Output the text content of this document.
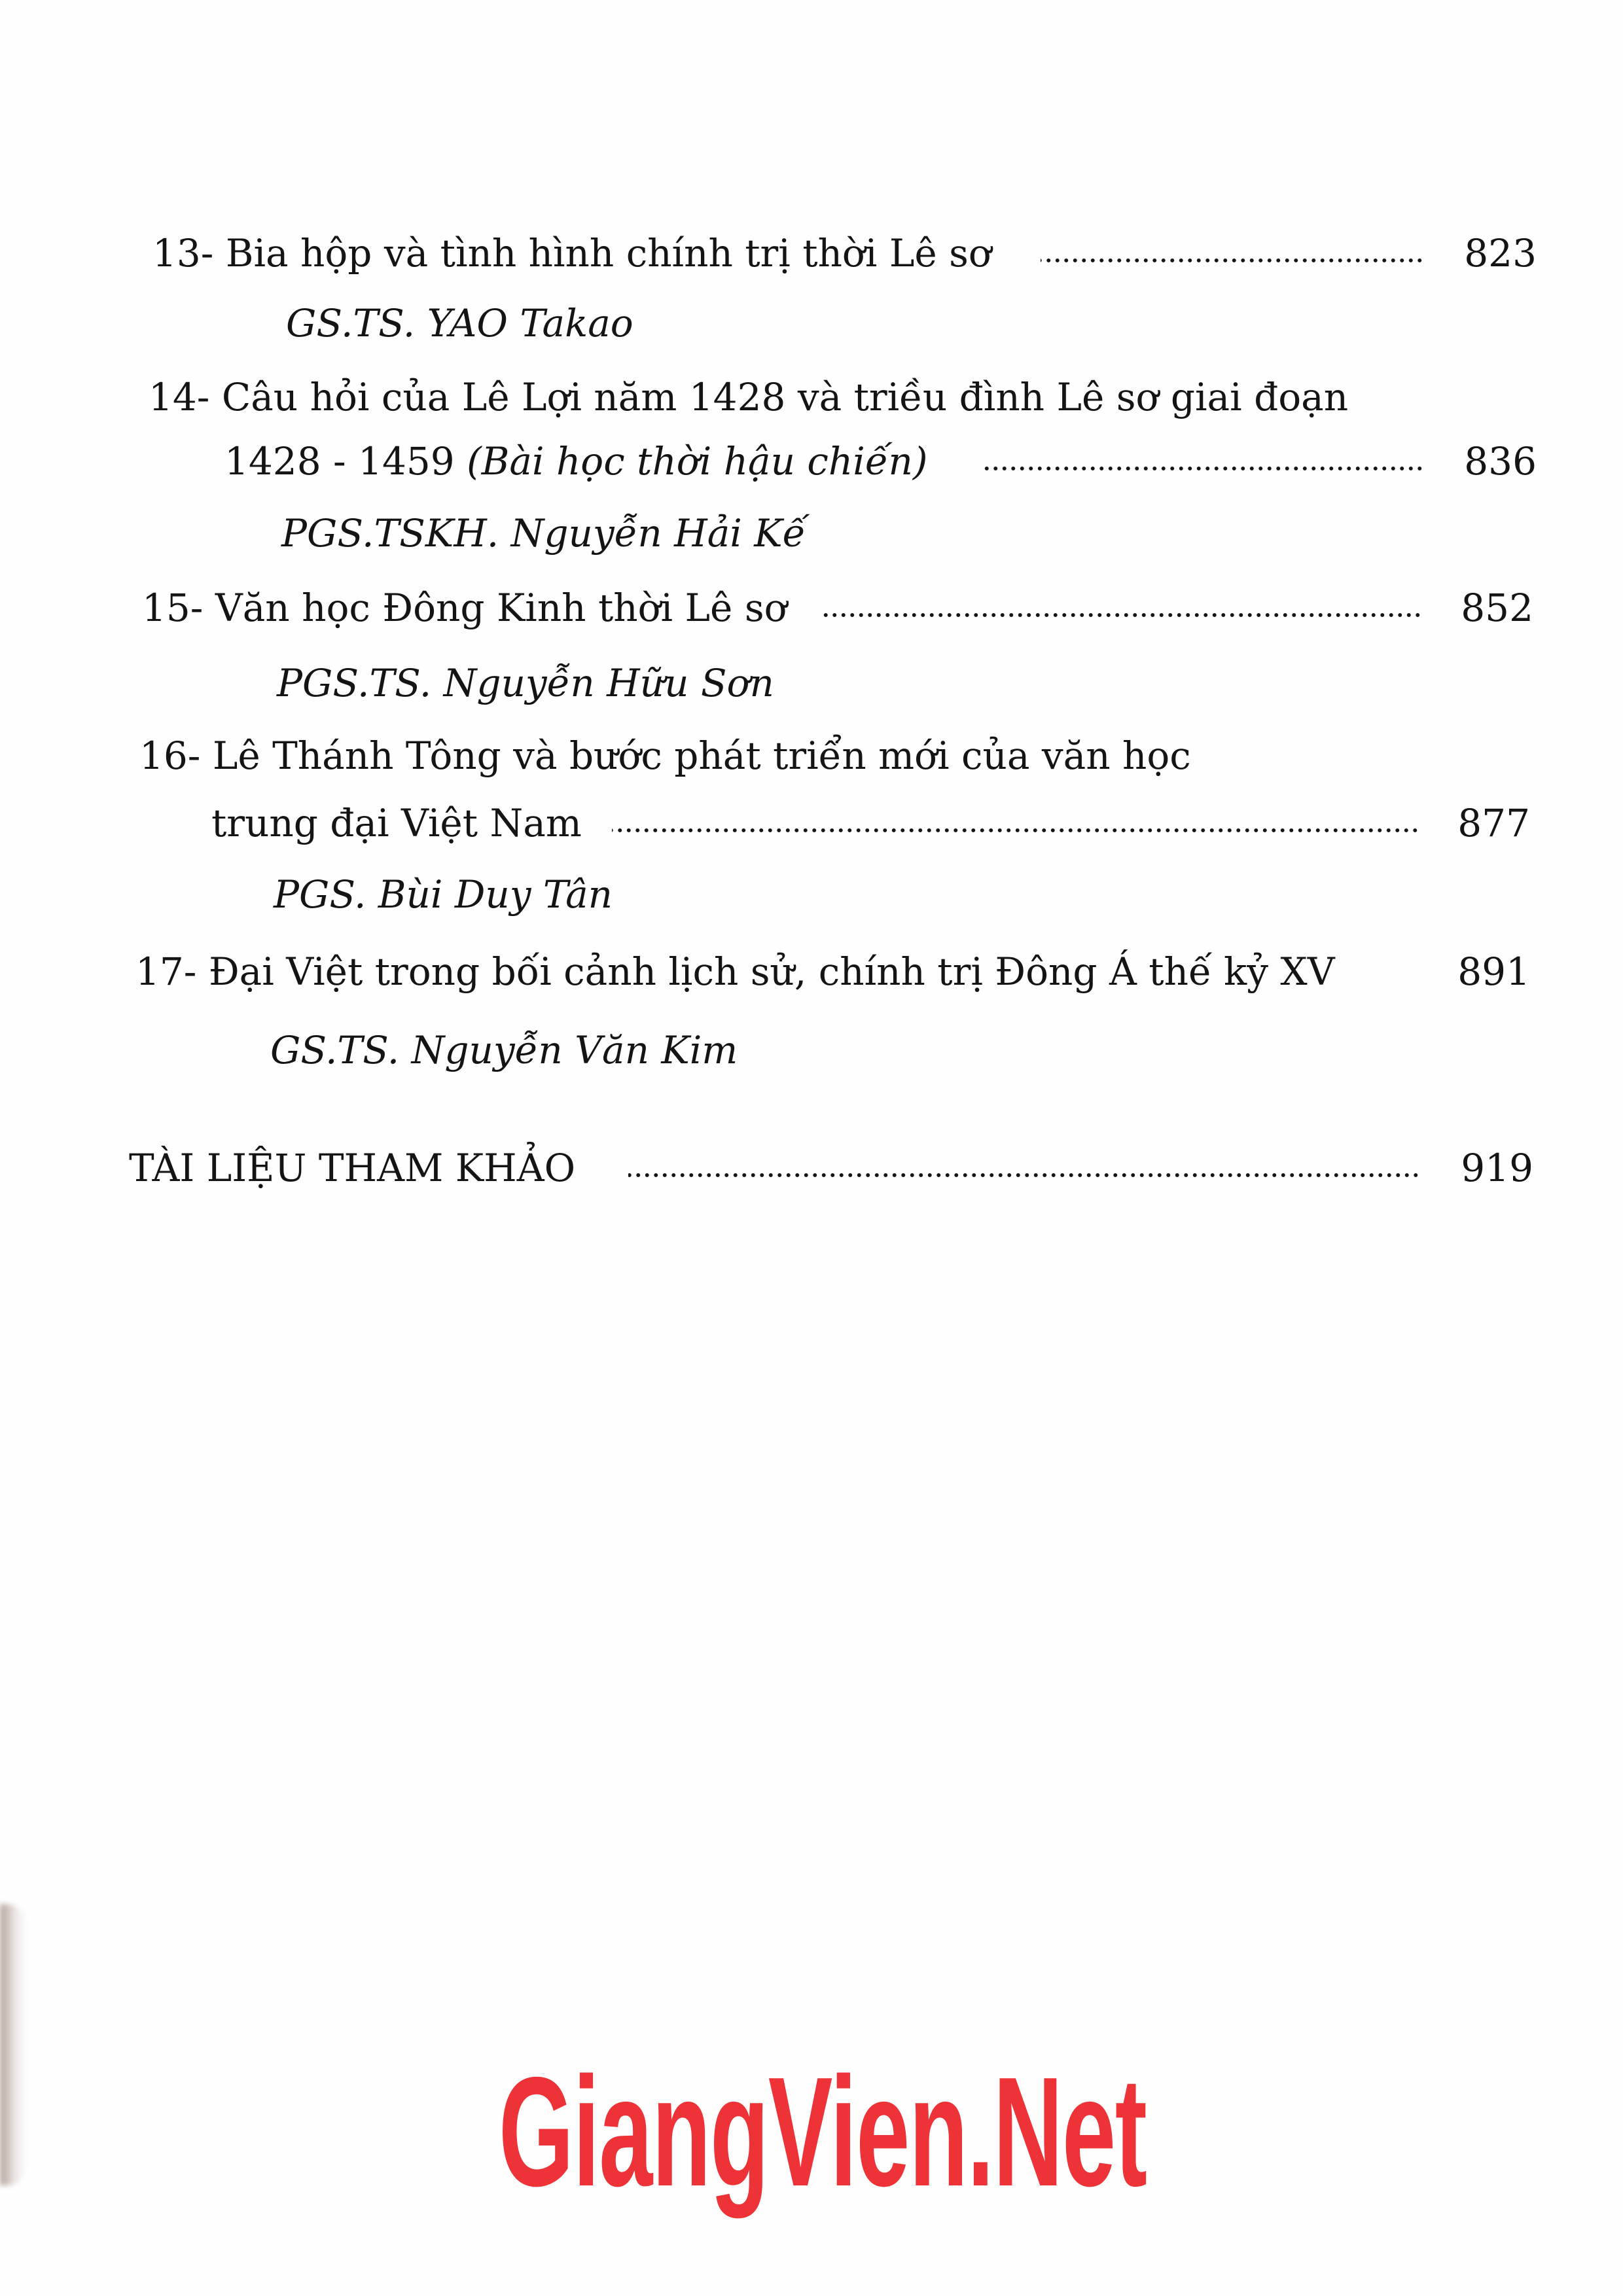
13- Bia hộp và tình hình chính trị thời Lê sơ	823
GS.TS. YAO Takao
14- Câu hỏi của Lê Lợi năm 1428 và triều đình Lê sơ giai đoạn
1428 - 1459 (Bài học thời hậu chiến)	836
PGS.TSKH. Nguyễn Hải Kế
15- Văn học Đông Kinh thời Lê sơ	852
PGS.TS. Nguyễn Hữu Sơn
16- Lê Thánh Tông và bước phát triển mới của văn học
trung đại Việt Nam	877
PGS. Bùi Duy Tân
17- Đại Việt trong bối cảnh lịch sử, chính trị Đông Á thế kỷ XV	891
GS.TS. Nguyễn Văn Kim
TÀI LIỆU THAM KHẢO	919
GiangVien.Net
